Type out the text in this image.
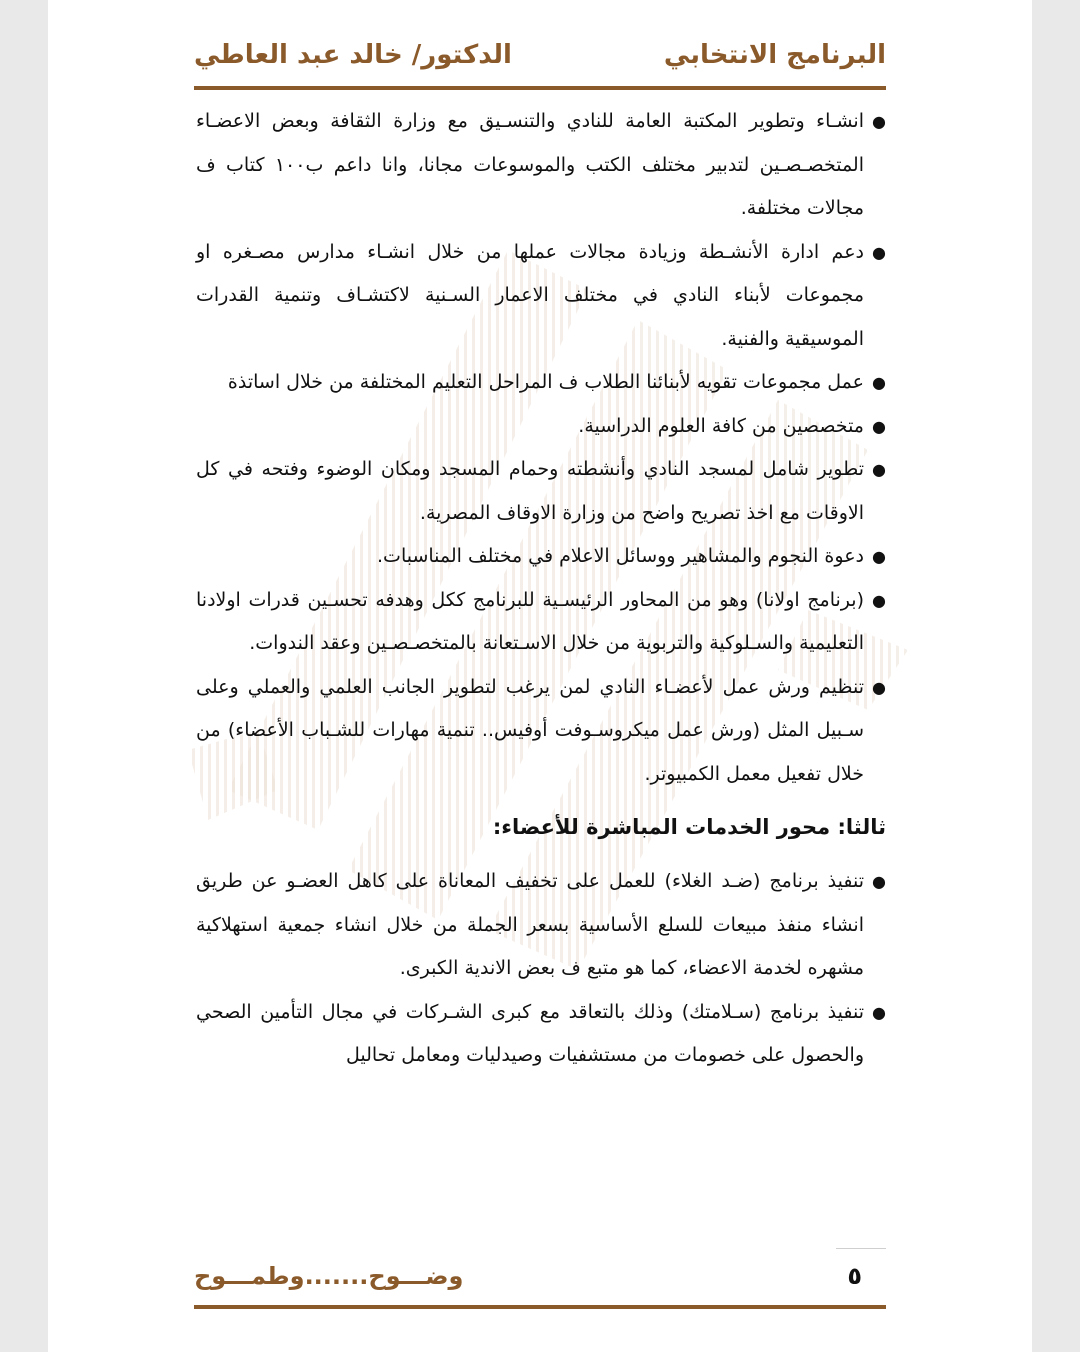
البرنامج الانتخابي
الدكتور/ خالد عبد العاطي

●
انشـاء وتطوير المكتبة العامة للنادي والتنسـيق مع وزارة الثقافة وبعض الاعضـاء المتخصـصـين لتدبير مختلف الكتب والموسوعات مجانا، وانا داعم ب١٠٠ كتاب ف مجالات مختلفة.

●
دعم ادارة الأنشـطة وزيادة مجالات عملها من خلال انشـاء مدارس مصـغره او مجموعات لأبناء النادي في مختلف الاعمار السـنية لاكتشـاف وتنمية القدرات الموسيقية والفنية.

●
عمل مجموعات تقويه لأبنائنا الطلاب ف المراحل التعليم المختلفة من خلال اساتذة

●
متخصصين من كافة العلوم الدراسية.

●
تطوير شامل لمسجد النادي وأنشطته وحمام المسجد ومكان الوضوء وفتحه في كل الاوقات مع اخذ تصريح واضح من وزارة الاوقاف المصرية.

●
دعوة النجوم والمشاهير ووسائل الاعلام في مختلف المناسبات.

●
(برنامج اولانا) وهو من المحاور الرئيسـية للبرنامج ككل وهدفه تحسـين قدرات اولادنا التعليمية والسـلوكية والتربوية من خلال الاسـتعانة بالمتخصـصـين وعقد الندوات.

●
تنظيم ورش عمل لأعضـاء النادي لمن يرغب لتطوير الجانب العلمي والعملي وعلى سـبيل المثل (ورش عمل ميكروسـوفت أوفيس.. تنمية مهارات للشـباب الأعضاء) من خلال تفعيل معمل الكمبيوتر.

ثالثا: محور الخدمات المباشرة للأعضاء:

●
تنفيذ برنامج (ضـد الغلاء) للعمل على تخفيف المعاناة على كاهل العضـو عن طريق انشاء منفذ مبيعات للسلع الأساسية بسعر الجملة من خلال انشاء جمعية استهلاكية مشهره لخدمة الاعضاء، كما هو متبع ف بعض الاندية الكبرى.

●
تنفيذ برنامج (سـلامتك) وذلك بالتعاقد مع كبرى الشـركات في مجال التأمين الصحي والحصول على خصومات من مستشفيات وصيدليات ومعامل تحاليل

٥
وضـــوح.......وطمـــوح
